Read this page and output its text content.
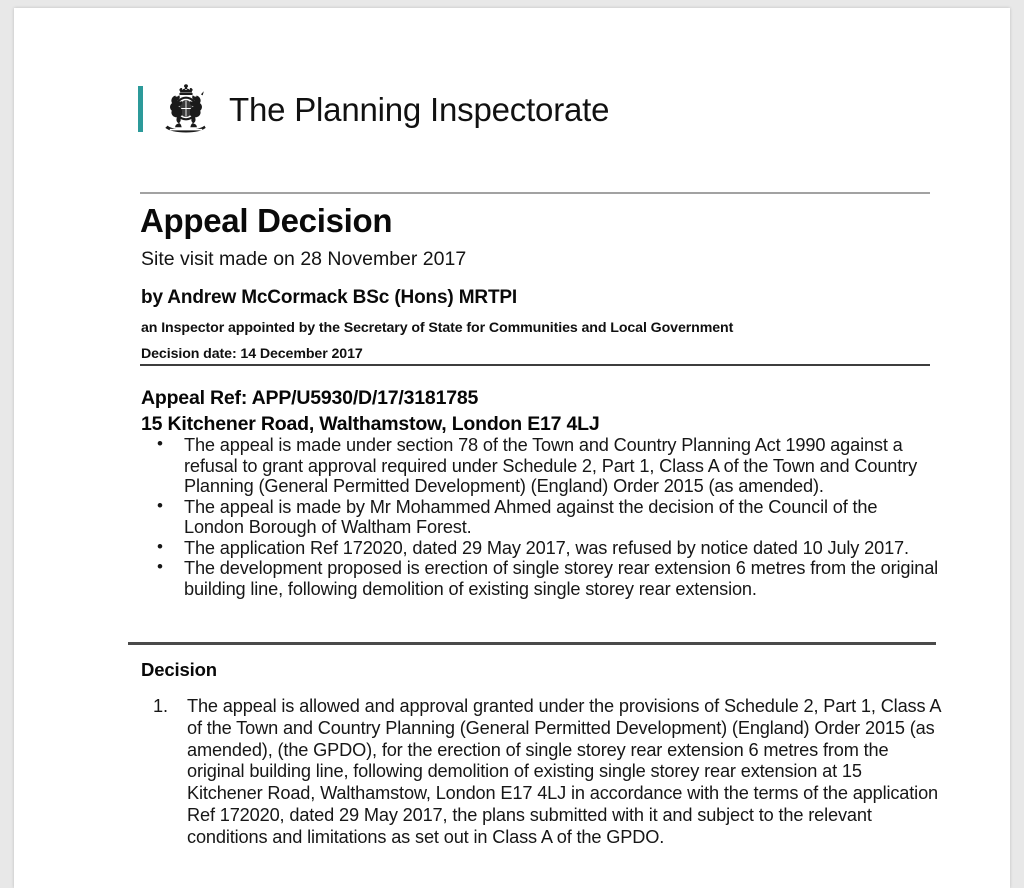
The Planning Inspectorate
Appeal Decision
Site visit made on 28 November 2017
by Andrew McCormack BSc (Hons) MRTPI
an Inspector appointed by the Secretary of State for Communities and Local Government
Decision date: 14 December 2017
Appeal Ref: APP/U5930/D/17/3181785
15 Kitchener Road, Walthamstow, London E17 4LJ
• The appeal is made under section 78 of the Town and Country Planning Act 1990 against a refusal to grant approval required under Schedule 2, Part 1, Class A of the Town and Country Planning (General Permitted Development) (England) Order 2015 (as amended).
• The appeal is made by Mr Mohammed Ahmed against the decision of the Council of the London Borough of Waltham Forest.
• The application Ref 172020, dated 29 May 2017, was refused by notice dated 10 July 2017.
• The development proposed is erection of single storey rear extension 6 metres from the original building line, following demolition of existing single storey rear extension.
Decision
1. The appeal is allowed and approval granted under the provisions of Schedule 2, Part 1, Class A of the Town and Country Planning (General Permitted Development) (England) Order 2015 (as amended), (the GPDO), for the erection of single storey rear extension 6 metres from the original building line, following demolition of existing single storey rear extension at 15 Kitchener Road, Walthamstow, London E17 4LJ in accordance with the terms of the application Ref 172020, dated 29 May 2017, the plans submitted with it and subject to the relevant conditions and limitations as set out in Class A of the GPDO.
